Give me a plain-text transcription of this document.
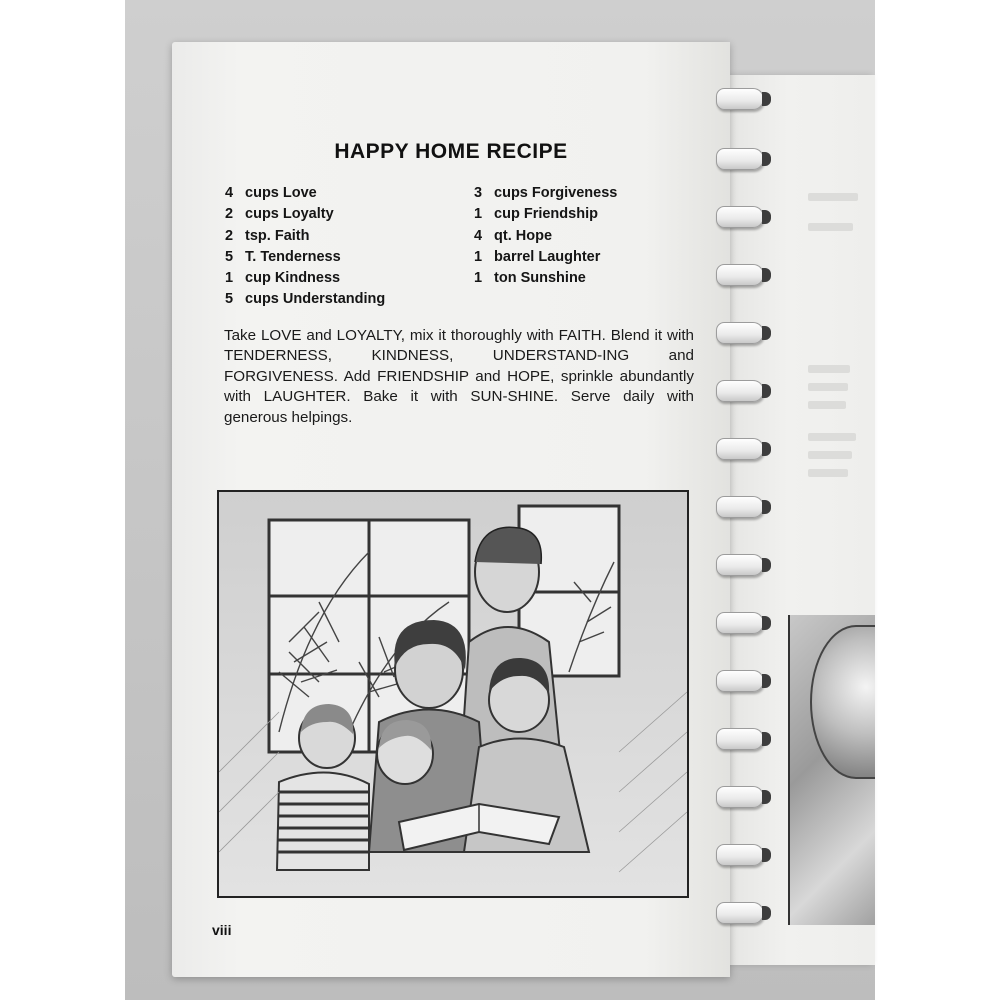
HAPPY HOME RECIPE
4 cups Love
2 cups Loyalty
2 tsp. Faith
5 T. Tenderness
1 cup Kindness
5 cups Understanding
3 cups Forgiveness
1 cup Friendship
4 qt. Hope
1 barrel Laughter
1 ton Sunshine

Take LOVE and LOYALTY, mix it thoroughly with FAITH. Blend it with TENDERNESS, KINDNESS, UNDERSTAND-ING and FORGIVENESS. Add FRIENDSHIP and HOPE, sprinkle abundantly with LAUGHTER. Bake it with SUN-SHINE. Serve daily with generous helpings.

viii
